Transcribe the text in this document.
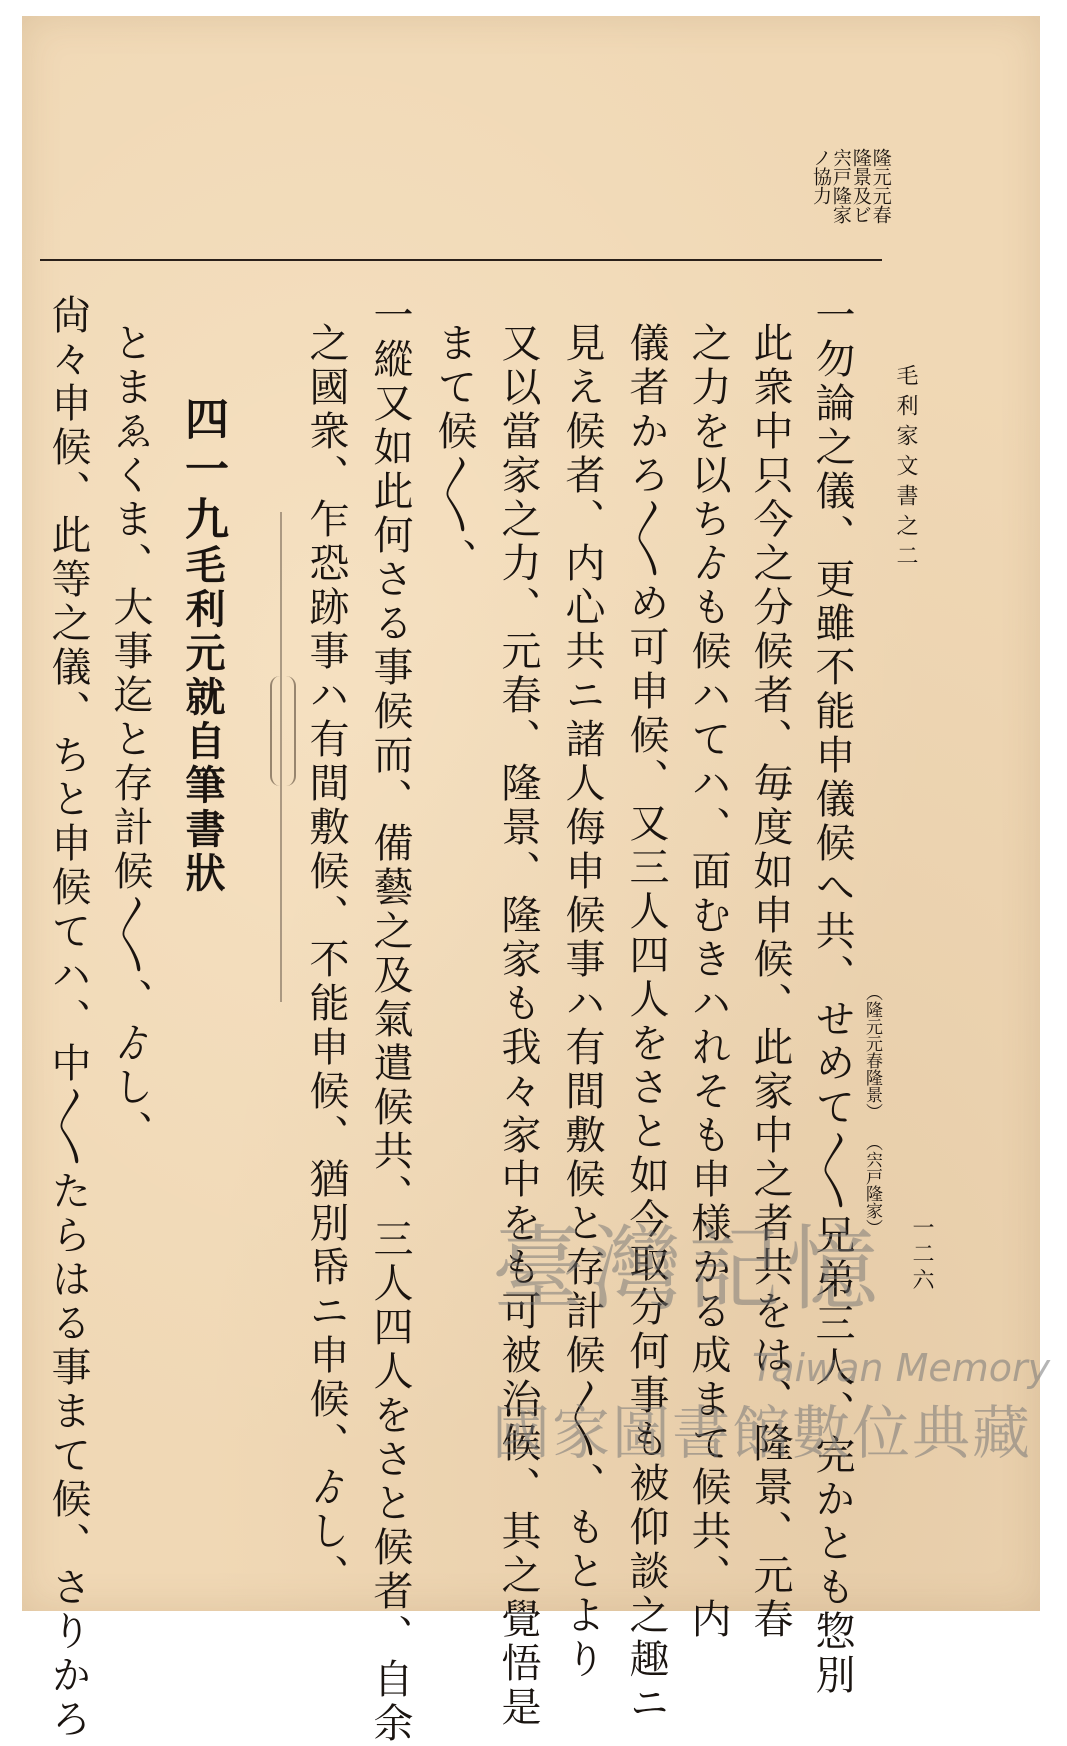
隆元元春
隆景及ビ
宍戸隆家
ノ協力
毛利家文書之二
一二六
一勿論之儀、更雖不能申儀候へ共、せめて〳〵兄弟三人、完かとも惣別 （隆元元春隆景）
（宍戸隆家）
此衆中只今之分候者、毎度如申候、此家中之者共をは、隆景、元春
之力を以ちゟも候ハてハ、面むきハれそも申様かる成まて候共、内
儀者かろ〳〵め可申候、又三人四人をさと如今取分何事も被仰談之趣ニ
見え候者、内心共ニ諸人侮申候事ハ有間敷候と存計候〳〵、もとより
又以當家之力、元春、隆景、隆家も我々家中をも可被治候、其之覺悟是
まて候〳〵、
一縱又如此何さる事候而、備藝之及氣遣候共、三人四人をさと候者、自余
之國衆、乍恐跡事ハ有間敷候、不能申候、猶別帋ニ申候、ゟし、
四一九
毛利元就自筆書狀
とまゑくま、大事迄と存計候〳〵、ゟし、
尙々申候、此等之儀、ちと申候てハ、中〳〵たらはる事まて候、さりかろ	臺灣記憶
Taiwan Memory
國家圖書館數位典藏
